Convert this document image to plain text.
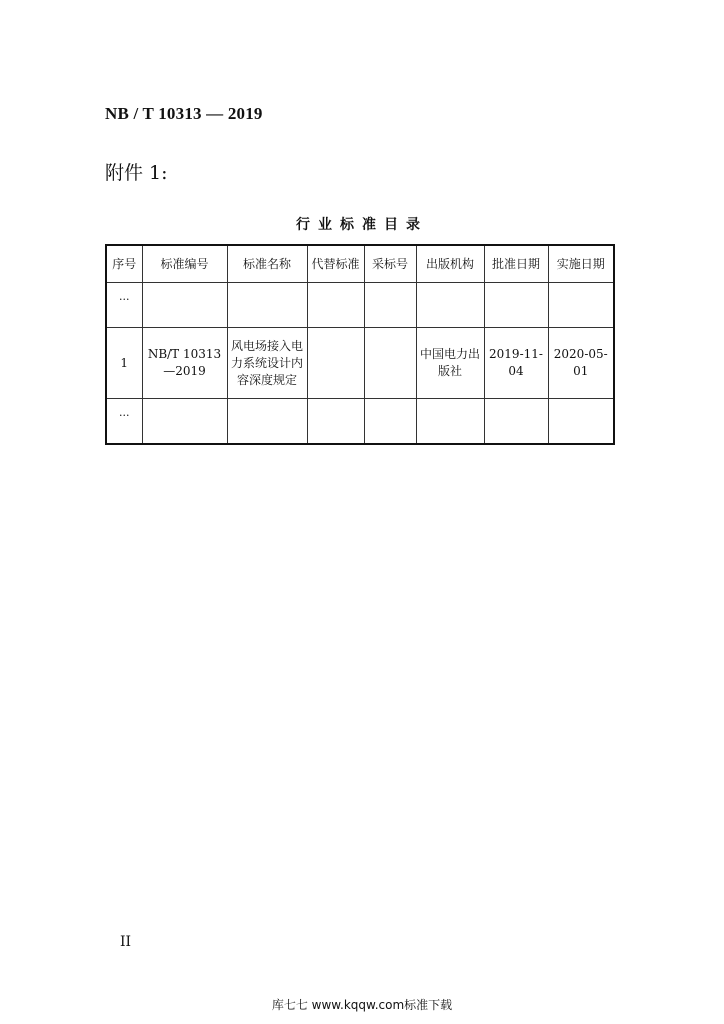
NB / T 10313 — 2019
附件 1:
行业标准目录
序号	标准编号	标准名称	代替标准	采标号	出版机构	批准日期	实施日期
···							
1	NB/T 10313—2019	风电场接入电力系统设计内容深度规定			中国电力出版社	2019-11-04	2020-05-01
···							
II
库七七 www.kqqw.com标准下载
